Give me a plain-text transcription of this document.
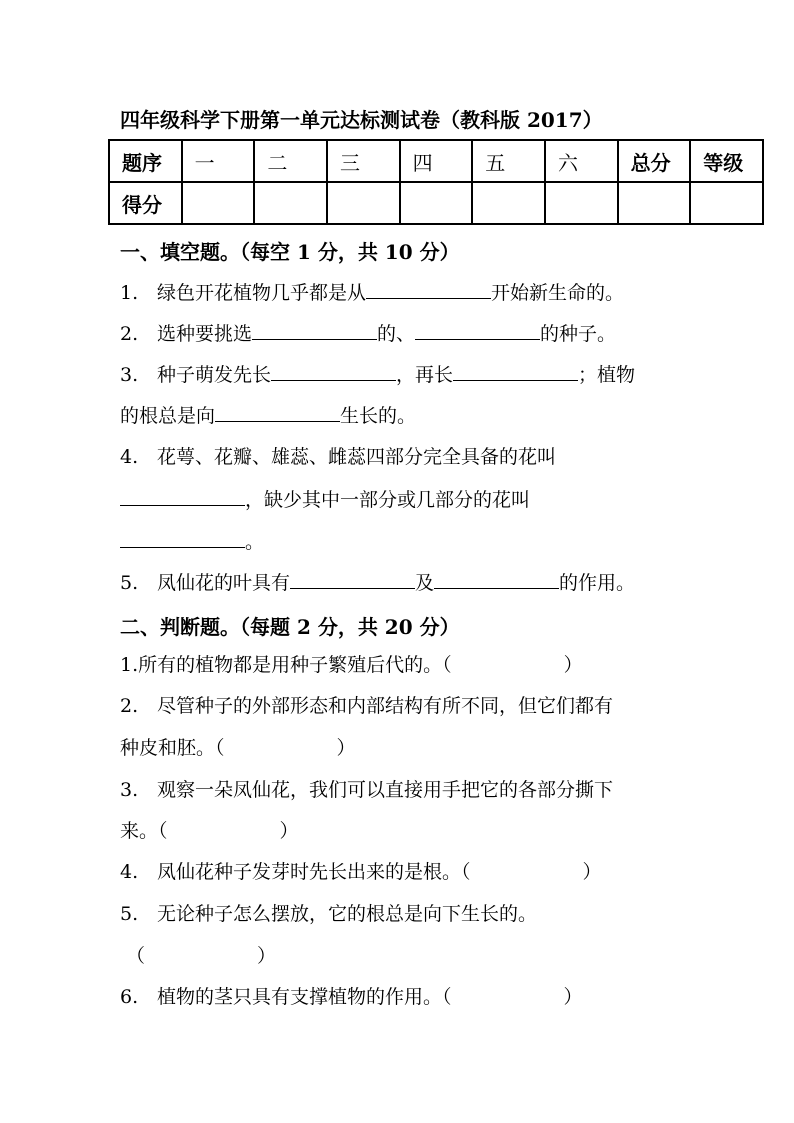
四年级科学下册第一单元达标测试卷（教科版 2017）
题序	一	二	三	四	五	六	总分	等级
得分								
一、填空题。（每空 1 分，共 10 分）
1. 绿色开花植物几乎都是从	开始新生命的。
2. 选种要挑选	的、	的种子。
3. 种子萌发先长	，再长	；植物
的根总是向	生长的。
4. 花萼、花瓣、雄蕊、雌蕊四部分完全具备的花叫
，缺少其中一部分或几部分的花叫
。
5. 凤仙花的叶具有	及	的作用。
二、判断题。（每题 2 分，共 20 分）
1.所有的植物都是用种子繁殖后代的。（	）
2. 尽管种子的外部形态和内部结构有所不同，但它们都有
种皮和胚。（	）
3. 观察一朵凤仙花，我们可以直接用手把它的各部分撕下
来。（	）
4. 凤仙花种子发芽时先长出来的是根。（	）
5. 无论种子怎么摆放，它的根总是向下生长的。
（	）
6. 植物的茎只具有支撑植物的作用。（	）
